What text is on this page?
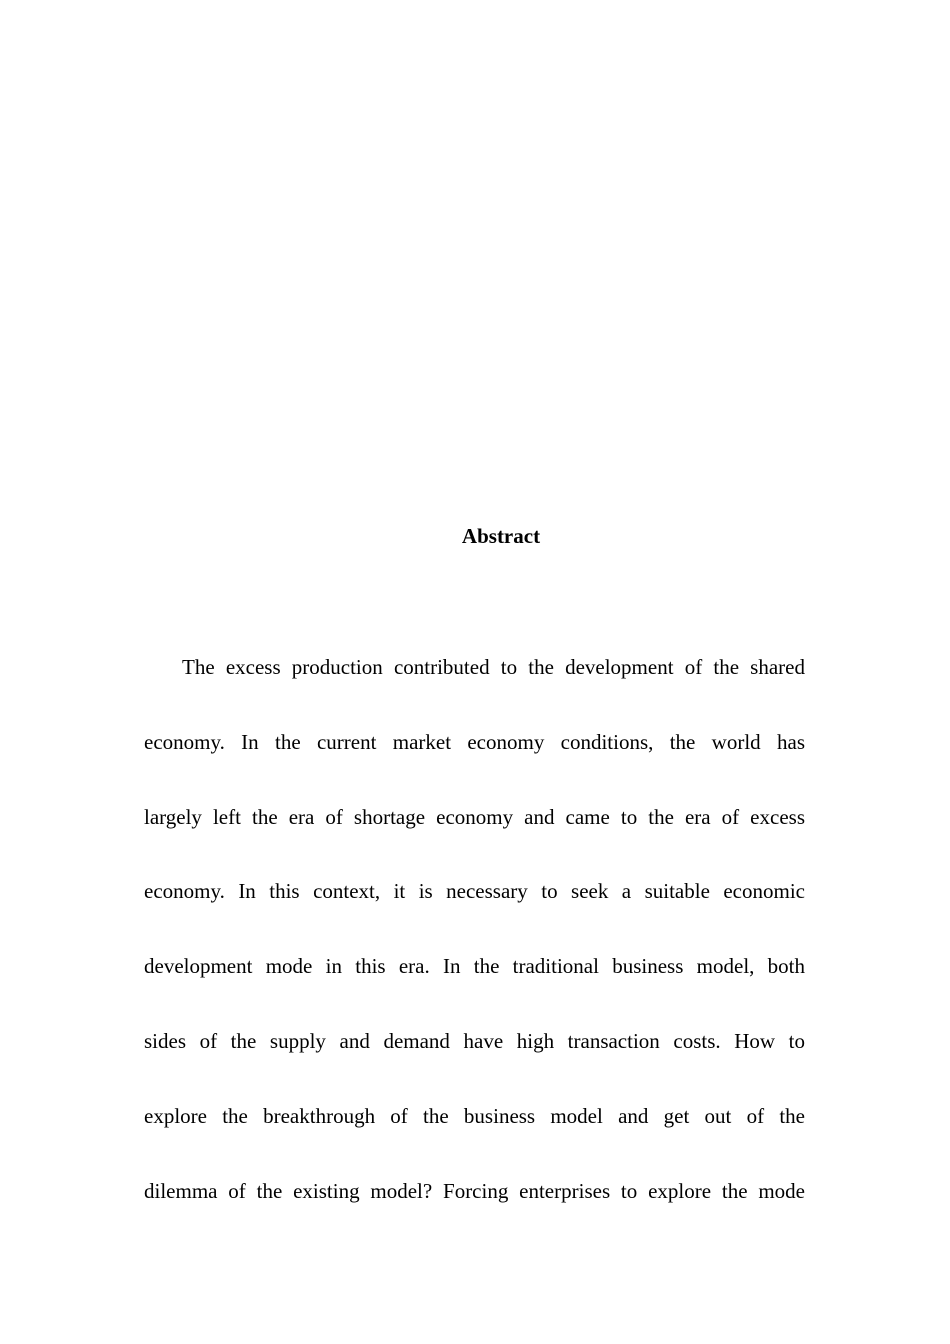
Abstract
The excess production contributed to the development of the shared
economy. In the current market economy conditions, the world has
largely left the era of shortage economy and came to the era of excess
economy. In this context, it is necessary to seek a suitable economic
development mode in this era. In the traditional business model, both
sides of the supply and demand have high transaction costs. How to
explore the breakthrough of the business model and get out of the
dilemma of the existing model? Forcing enterprises to explore the mode
